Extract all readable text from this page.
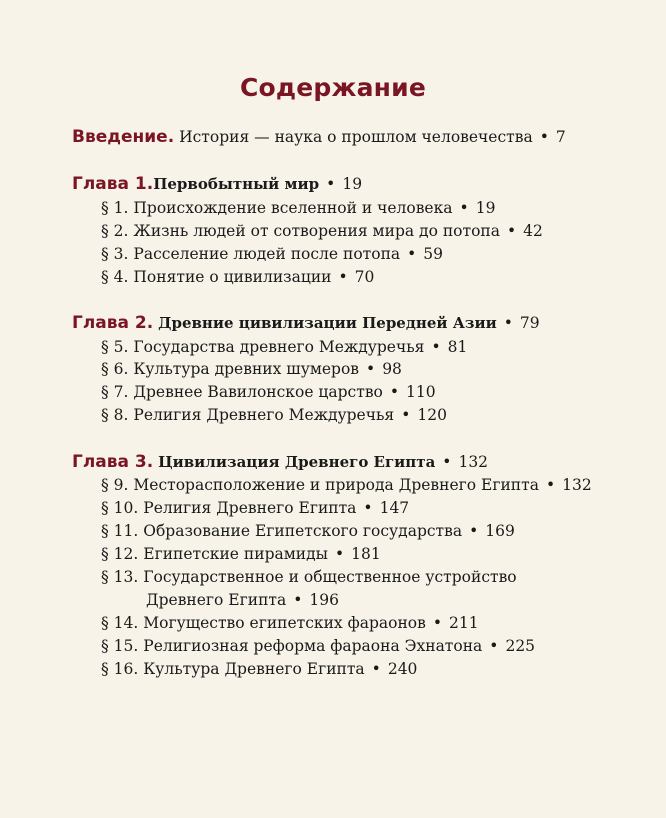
Содержание
Введение. История — наука о прошлом человечества • 7
Глава 1.Первобытный мир • 19
§ 1. Происхождение вселенной и человека • 19
§ 2. Жизнь людей от сотворения мира до потопа • 42
§ 3. Расселение людей после потопа • 59
§ 4. Понятие о цивилизации • 70
Глава 2. Древние цивилизации Передней Азии • 79
§ 5. Государства древнего Междуречья • 81
§ 6. Культура древних шумеров • 98
§ 7. Древнее Вавилонское царство • 110
§ 8. Религия Древнего Междуречья • 120
Глава 3. Цивилизация Древнего Египта • 132
§ 9. Месторасположение и природа Древнего Египта • 132
§ 10. Религия Древнего Египта • 147
§ 11. Образование Египетского государства • 169
§ 12. Египетские пирамиды • 181
§ 13. Государственное и общественное устройство
Древнего Египта • 196
§ 14. Могущество египетских фараонов • 211
§ 15. Религиозная реформа фараона Эхнатона • 225
§ 16. Культура Древнего Египта • 240
